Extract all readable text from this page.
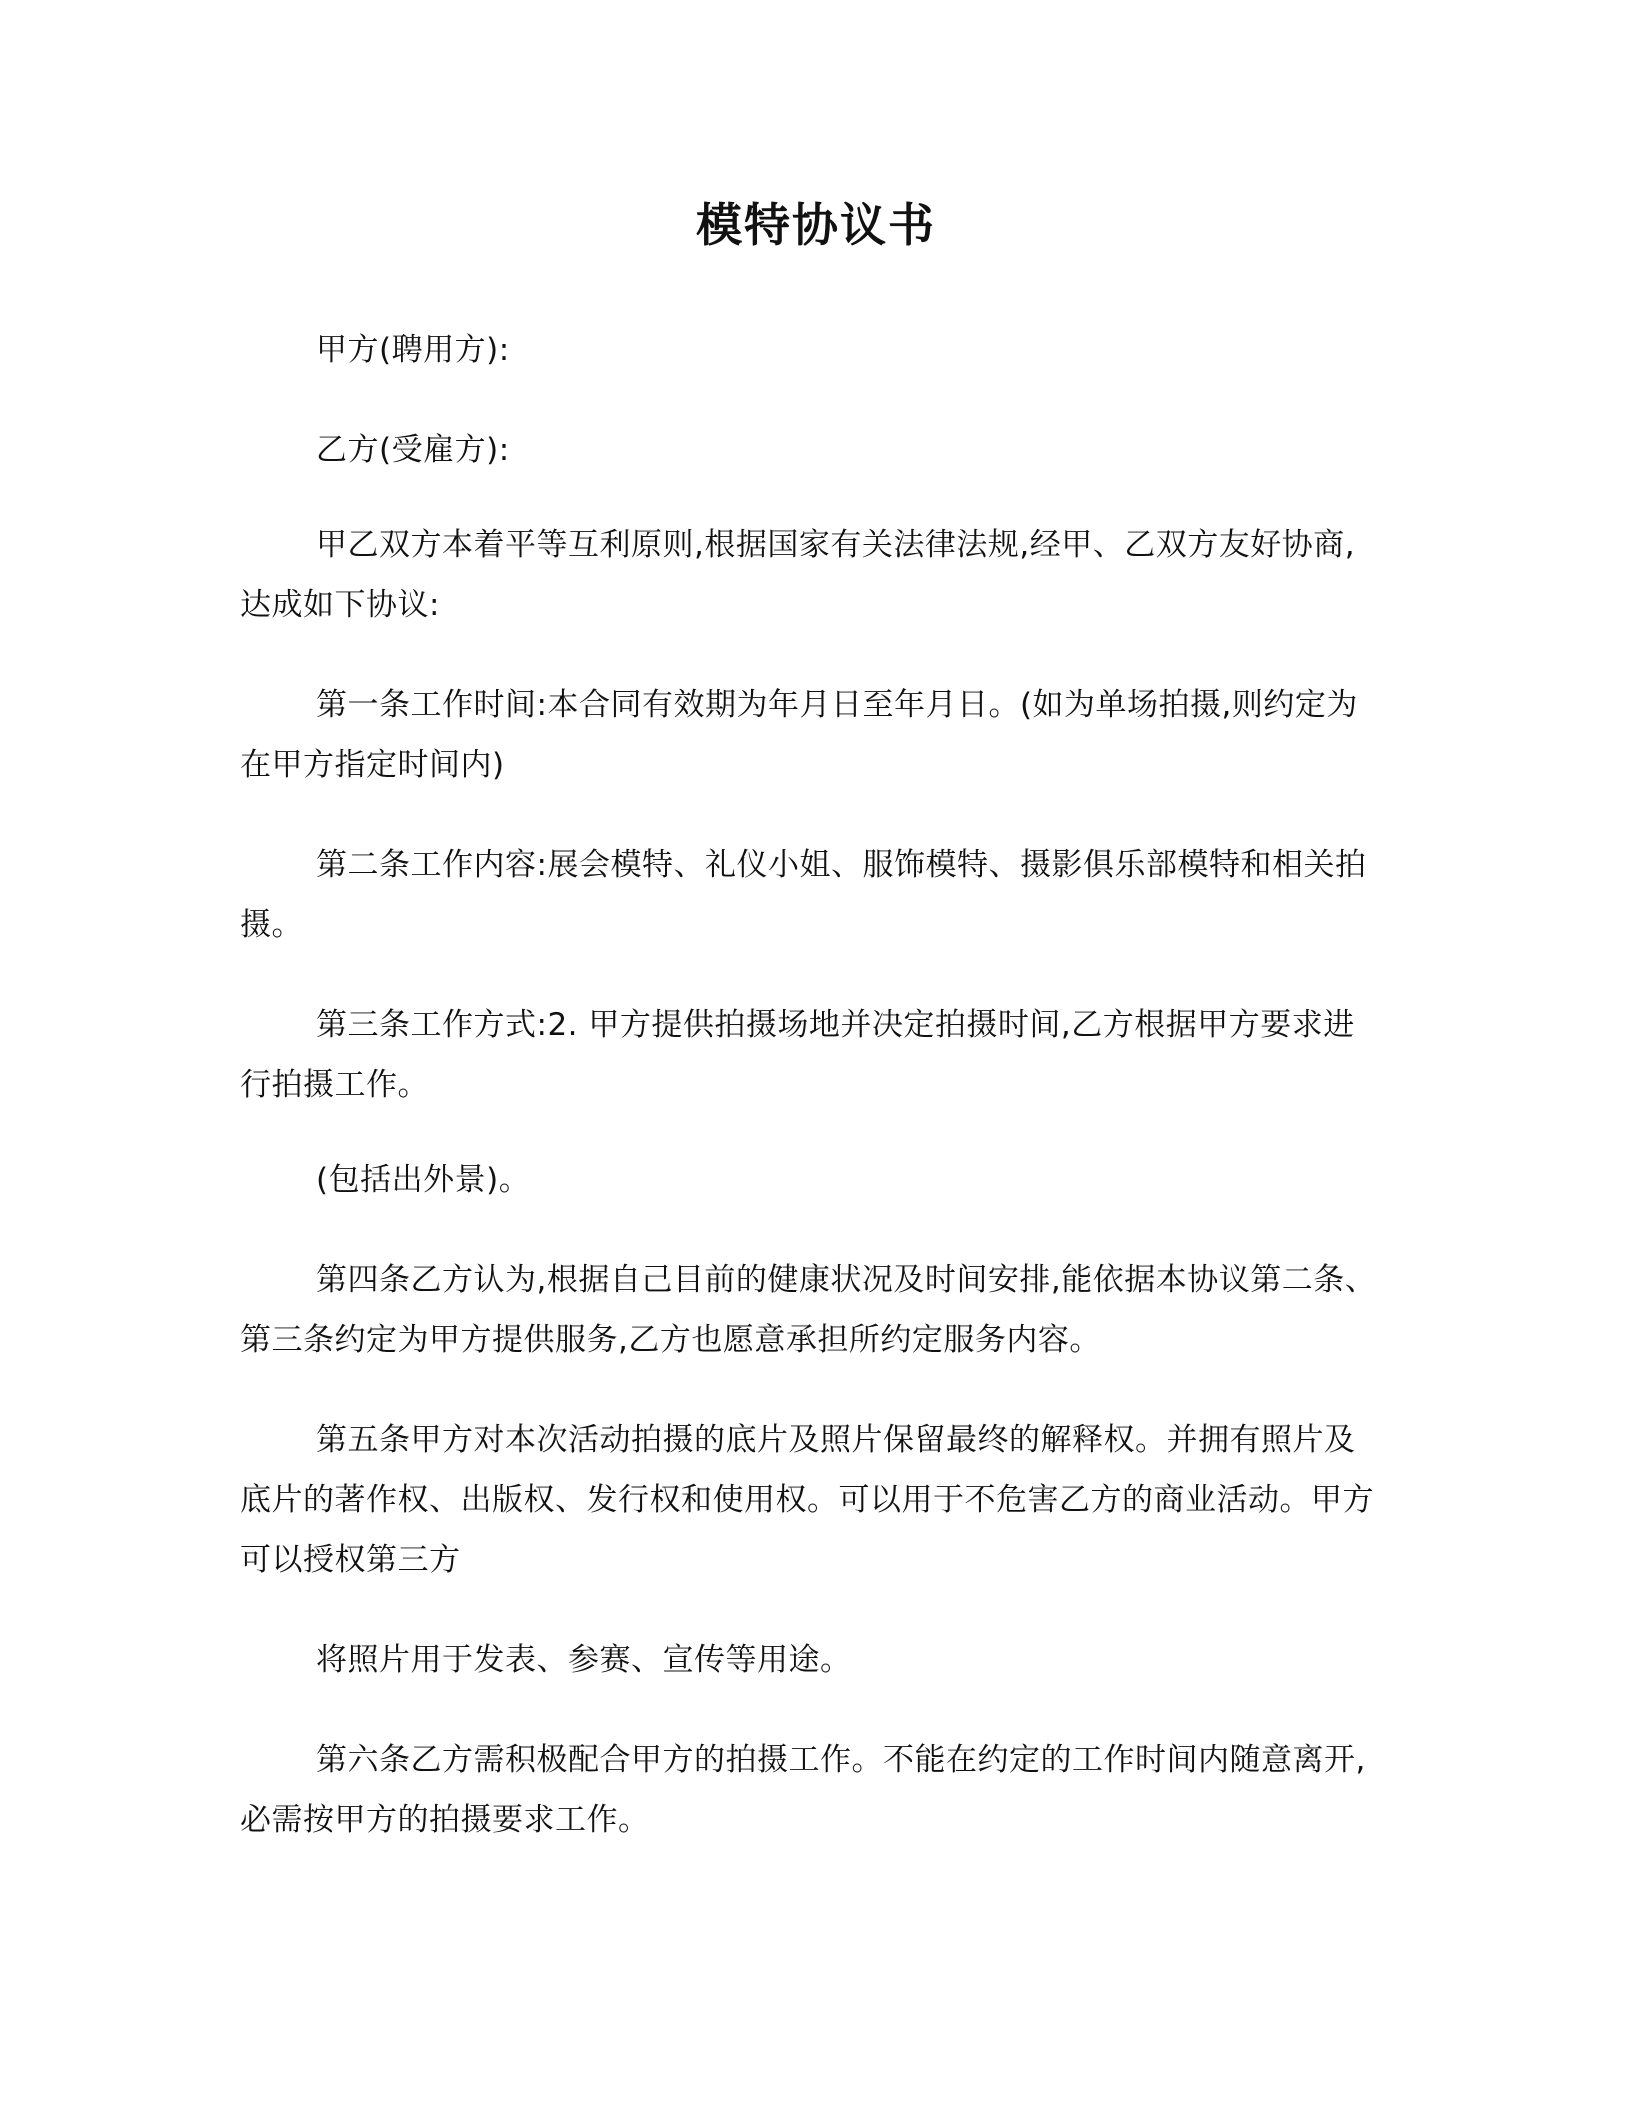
模特协议书
甲方(聘用方):
乙方(受雇方):
甲乙双方本着平等互利原则,根据国家有关法律法规,经甲、乙双方友好协商,达成如下协议:
第一条工作时间:本合同有效期为年月日至年月日。(如为单场拍摄,则约定为在甲方指定时间内)
第二条工作内容:展会模特、礼仪小姐、服饰模特、摄影俱乐部模特和相关拍摄。
第三条工作方式:2. 甲方提供拍摄场地并决定拍摄时间,乙方根据甲方要求进行拍摄工作。
(包括出外景)。
第四条乙方认为,根据自己目前的健康状况及时间安排,能依据本协议第二条、第三条约定为甲方提供服务,乙方也愿意承担所约定服务内容。
第五条甲方对本次活动拍摄的底片及照片保留最终的解释权。并拥有照片及底片的著作权、出版权、发行权和使用权。可以用于不危害乙方的商业活动。甲方可以授权第三方
将照片用于发表、参赛、宣传等用途。
第六条乙方需积极配合甲方的拍摄工作。不能在约定的工作时间内随意离开,必需按甲方的拍摄要求工作。
